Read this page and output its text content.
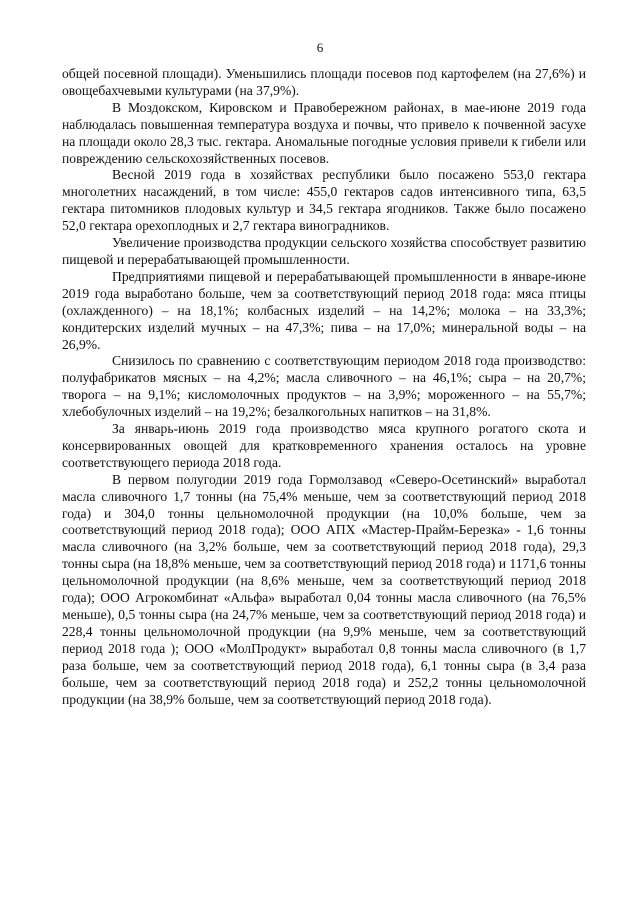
6

общей посевной площади). Уменьшились площади посевов под картофелем (на 27,6%) и овощебахчевыми культурами (на 37,9%).

В Моздокском, Кировском и Правобережном районах, в мае-июне 2019 года наблюдалась повышенная температура воздуха и почвы, что привело к почвенной засухе на площади около 28,3 тыс. гектара. Аномальные погодные условия привели к гибели или повреждению сельскохозяйственных посевов.

Весной 2019 года в хозяйствах республики было посажено 553,0 гектара многолетних насаждений, в том числе: 455,0 гектаров садов интенсивного типа, 63,5 гектара питомников плодовых культур и 34,5 гектара ягодников. Также было посажено 52,0 гектара орехоплодных и 2,7 гектара виноградников.

Увеличение производства продукции сельского хозяйства способствует развитию пищевой и перерабатывающей промышленности.

Предприятиями пищевой и перерабатывающей промышленности в январе-июне 2019 года выработано больше, чем за соответствующий период 2018 года: мяса птицы (охлажденного) – на 18,1%; колбасных изделий – на 14,2%; молока – на 33,3%; кондитерских изделий мучных – на 47,3%; пива – на 17,0%; минеральной воды – на 26,9%.

Снизилось по сравнению с соответствующим периодом 2018 года производство: полуфабрикатов мясных – на 4,2%; масла сливочного – на 46,1%; сыра – на 20,7%; творога – на 9,1%; кисломолочных продуктов – на 3,9%; мороженного – на 55,7%; хлебобулочных изделий – на 19,2%; безалкогольных напитков – на 31,8%.

За январь-июнь 2019 года производство мяса крупного рогатого скота и консервированных овощей для кратковременного хранения осталось на уровне соответствующего периода 2018 года.

В первом полугодии 2019 года Гормолзавод «Северо-Осетинский» выработал масла сливочного 1,7 тонны (на 75,4% меньше, чем за соответствующий период 2018 года) и 304,0 тонны цельномолочной продукции (на 10,0% больше, чем за соответствующий период 2018 года); ООО АПХ «Мастер-Прайм-Березка» - 1,6 тонны масла сливочного (на 3,2% больше, чем за соответствующий период 2018 года), 29,3 тонны сыра (на 18,8% меньше, чем за соответствующий период 2018 года) и 1171,6 тонны цельномолочной продукции (на 8,6% меньше, чем за соответствующий период 2018 года); ООО Агрокомбинат «Альфа» выработал 0,04 тонны масла сливочного (на 76,5% меньше), 0,5 тонны сыра (на 24,7% меньше, чем за соответствующий период 2018 года) и 228,4 тонны цельномолочной продукции (на 9,9% меньше, чем за соответствующий период 2018 года ); ООО «МолПродукт» выработал 0,8 тонны масла сливочного (в 1,7 раза больше, чем за соответствующий период 2018 года), 6,1 тонны сыра (в 3,4 раза больше, чем за соответствующий период 2018 года) и 252,2 тонны цельномолочной продукции (на 38,9% больше, чем за соответствующий период 2018 года).
